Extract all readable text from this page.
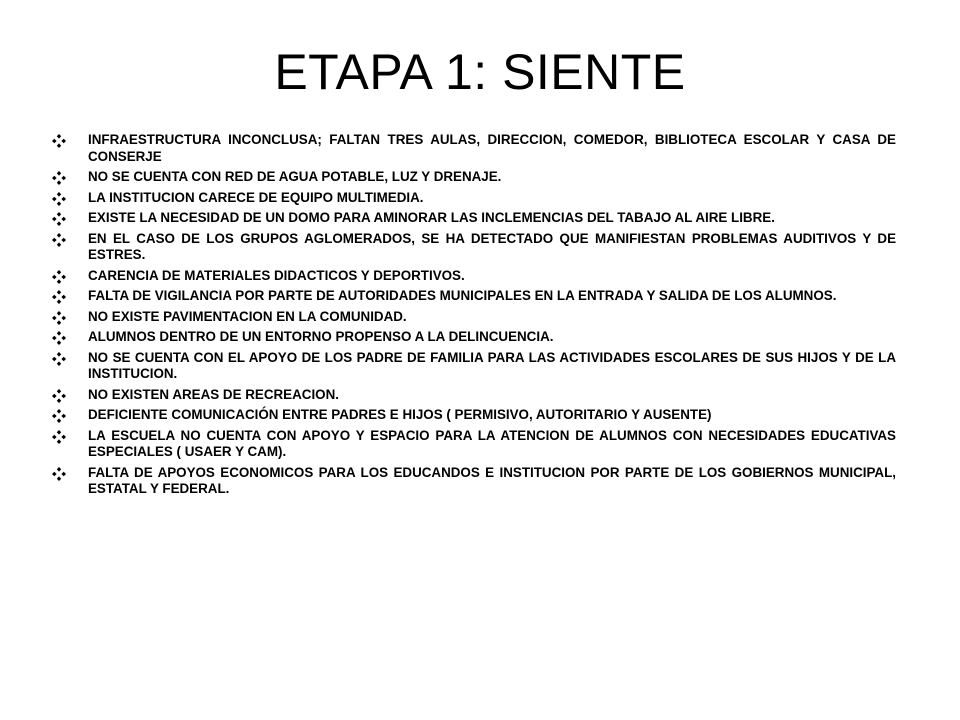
ETAPA 1: SIENTE
INFRAESTRUCTURA INCONCLUSA; FALTAN TRES AULAS, DIRECCION, COMEDOR, BIBLIOTECA ESCOLAR Y CASA DE CONSERJE
NO SE CUENTA CON RED DE AGUA POTABLE, LUZ Y DRENAJE.
LA INSTITUCION CARECE DE EQUIPO MULTIMEDIA.
EXISTE LA NECESIDAD DE UN DOMO PARA AMINORAR LAS INCLEMENCIAS DEL TABAJO AL AIRE LIBRE.
EN EL CASO DE LOS GRUPOS AGLOMERADOS, SE HA DETECTADO QUE MANIFIESTAN PROBLEMAS AUDITIVOS Y DE ESTRES.
CARENCIA DE MATERIALES DIDACTICOS Y DEPORTIVOS.
FALTA DE VIGILANCIA POR PARTE DE AUTORIDADES MUNICIPALES EN LA ENTRADA Y SALIDA DE LOS ALUMNOS.
NO EXISTE PAVIMENTACION EN LA COMUNIDAD.
ALUMNOS DENTRO DE UN ENTORNO PROPENSO A LA DELINCUENCIA.
NO SE CUENTA CON EL APOYO DE LOS PADRE DE FAMILIA PARA LAS ACTIVIDADES ESCOLARES DE SUS HIJOS Y DE LA INSTITUCION.
NO EXISTEN AREAS DE RECREACION.
DEFICIENTE COMUNICACIÓN ENTRE PADRES E HIJOS ( PERMISIVO, AUTORITARIO Y AUSENTE)
LA ESCUELA NO CUENTA CON APOYO Y ESPACIO PARA LA ATENCION DE ALUMNOS CON NECESIDADES EDUCATIVAS ESPECIALES ( USAER Y CAM).
FALTA DE APOYOS ECONOMICOS PARA LOS EDUCANDOS E INSTITUCION POR PARTE DE LOS GOBIERNOS MUNICIPAL, ESTATAL Y FEDERAL.
